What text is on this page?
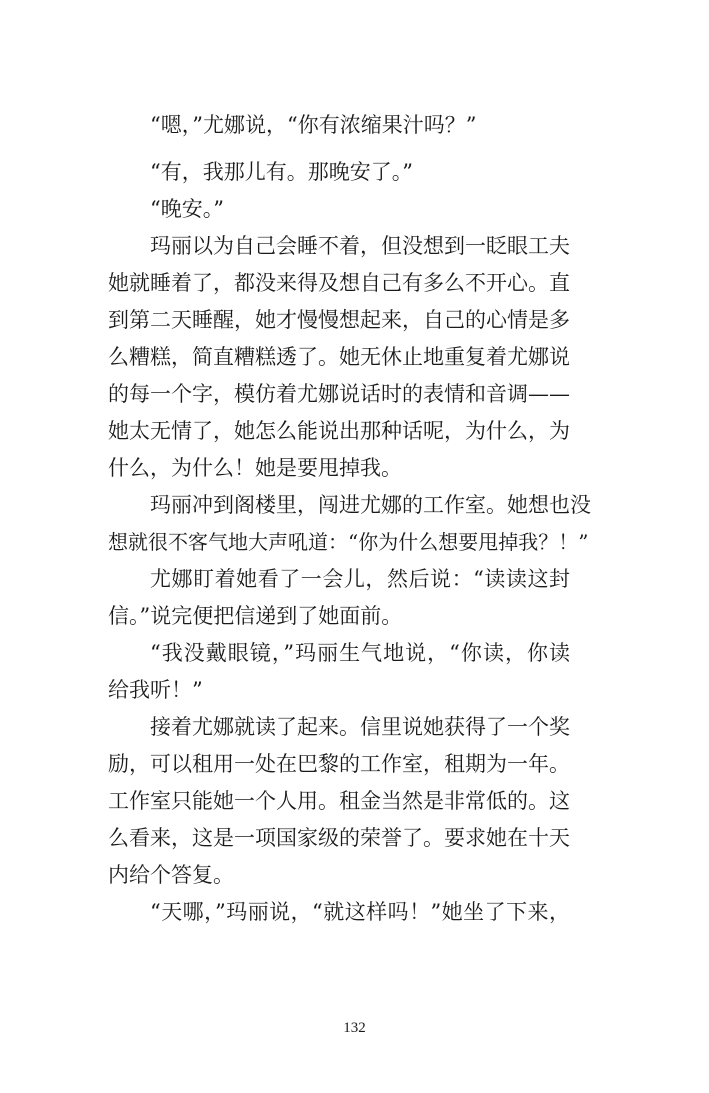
“嗯，”尤娜说，“你有浓缩果汁吗？”
“有，我那儿有。那晚安了。”
“晚安。”
玛丽以为自己会睡不着，但没想到一眨眼工夫
她就睡着了，都没来得及想自己有多么不开心。直
到第二天睡醒，她才慢慢想起来，自己的心情是多
么糟糕，简直糟糕透了。她无休止地重复着尤娜说
的每一个字，模仿着尤娜说话时的表情和音调——
她太无情了，她怎么能说出那种话呢，为什么，为
什么，为什么！她是要甩掉我。
玛丽冲到阁楼里，闯进尤娜的工作室。她想也没
想就很不客气地大声吼道：“你为什么想要甩掉我？！”
尤娜盯着她看了一会儿，然后说：“读读这封
信。”说完便把信递到了她面前。
“我没戴眼镜，”玛丽生气地说，“你读，你读
给我听！”
接着尤娜就读了起来。信里说她获得了一个奖
励，可以租用一处在巴黎的工作室，租期为一年。
工作室只能她一个人用。租金当然是非常低的。这
么看来，这是一项国家级的荣誉了。要求她在十天
内给个答复。
“天哪，”玛丽说，“就这样吗！”她坐了下来，
132
